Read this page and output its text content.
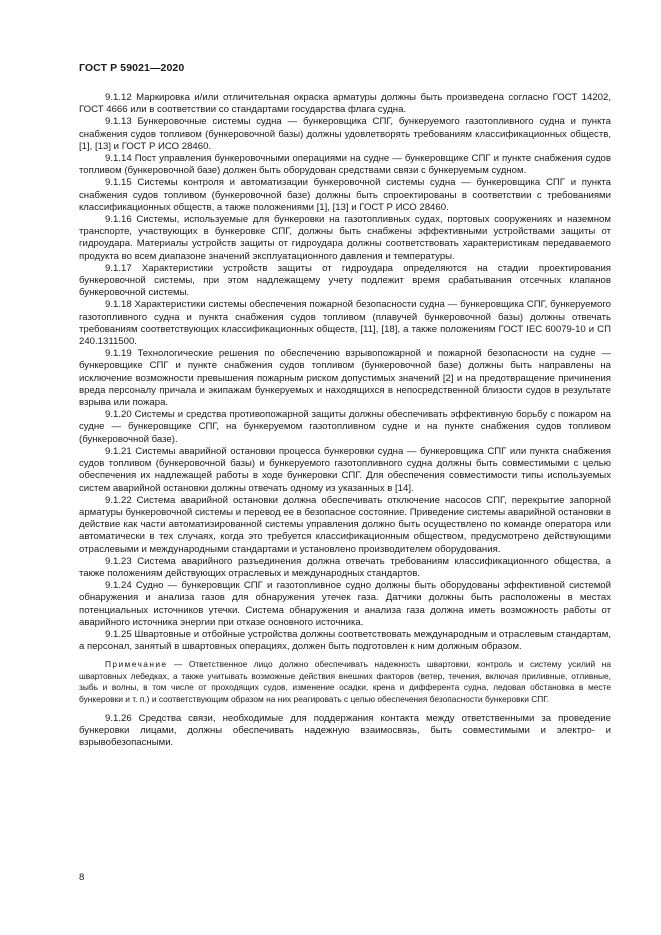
ГОСТ Р 59021—2020

9.1.12 Маркировка и/или отличительная окраска арматуры должны быть произведена согласно ГОСТ 14202, ГОСТ 4666 или в соответствии со стандартами государства флага судна.

9.1.13 Бункеровочные системы судна — бункеровщика СПГ, бункеруемого газотопливного судна и пункта снабжения судов топливом (бункеровочной базы) должны удовлетворять требованиям классификационных обществ, [1], [13] и ГОСТ Р ИСО 28460.

9.1.14 Пост управления бункеровочными операциями на судне — бункеровщике СПГ и пункте снабжения судов топливом (бункеровочной базе) должен быть оборудован средствами связи с бункеруемым судном.

9.1.15 Системы контроля и автоматизации бункеровочной системы судна — бункеровщика СПГ и пункта снабжения судов топливом (бункеровочной базе) должны быть спроектированы в соответствии с требованиями классификационных обществ, а также положениями [1], [13] и ГОСТ Р ИСО 28460.

9.1.16 Системы, используемые для бункеровки на газотопливных судах, портовых сооружениях и наземном транспорте, участвующих в бункеровке СПГ, должны быть снабжены эффективными устройствами защиты от гидроудара. Материалы устройств защиты от гидроудара должны соответствовать характеристикам передаваемого продукта во всем диапазоне значений эксплуатационного давления и температуры.

9.1.17 Характеристики устройств защиты от гидроудара определяются на стадии проектирования бункеровочной системы, при этом надлежащему учету подлежит время срабатывания отсечных клапанов бункеровочной системы.

9.1.18 Характеристики системы обеспечения пожарной безопасности судна — бункеровщика СПГ, бункеруемого газотопливного судна и пункта снабжения судов топливом (плавучей бункеровочной базы) должны отвечать требованиям соответствующих классификационных обществ, [11], [18], а также положениям ГОСТ IEC 60079-10 и СП 240.1311500.

9.1.19 Технологические решения по обеспечению взрывопожарной и пожарной безопасности на судне — бункеровщике СПГ и пункте снабжения судов топливом (бункеровочной базе) должны быть направлены на исключение возможности превышения пожарным риском допустимых значений [2] и на предотвращение причинения вреда персоналу причала и экипажам бункеруемых и находящихся в непосредственной близости судов в результате взрыва или пожара.

9.1.20 Системы и средства противопожарной защиты должны обеспечивать эффективную борьбу с пожаром на судне — бункеровщике СПГ, на бункеруемом газотопливном судне и на пункте снабжения судов топливом (бункеровочной базе).

9.1.21 Системы аварийной остановки процесса бункеровки судна — бункеровщика СПГ или пункта снабжения судов топливом (бункеровочной базы) и бункеруемого газотопливного судна должны быть совместимыми с целью обеспечения их надлежащей работы в ходе бункеровки СПГ. Для обеспечения совместимости типы используемых систем аварийной остановки должны отвечать одному из указанных в [14].

9.1.22 Система аварийной остановки должна обеспечивать отключение насосов СПГ, перекрытие запорной арматуры бункеровочной системы и перевод ее в безопасное состояние. Приведение системы аварийной остановки в действие как части автоматизированной системы управления должно быть осуществлено по команде оператора или автоматически в тех случаях, когда это требуется классификационным обществом, предусмотрено действующими отраслевыми и международными стандартами и установлено производителем оборудования.

9.1.23 Система аварийного разъединения должна отвечать требованиям классификационного общества, а также положениям действующих отраслевых и международных стандартов.

9.1.24 Судно — бункеровщик СПГ и газотопливное судно должны быть оборудованы эффективной системой обнаружения и анализа газов для обнаружения утечек газа. Датчики должны быть расположены в местах потенциальных источников утечки. Система обнаружения и анализа газа должна иметь возможность работы от аварийного источника энергии при отказе основного источника.

9.1.25 Швартовные и отбойные устройства должны соответствовать международным и отраслевым стандартам, а персонал, занятый в швартовных операциях, должен быть подготовлен к ним должным образом.

Примечание — Ответственное лицо должно обеспечивать надежность швартовки, контроль и систему усилий на швартовных лебедках, а также учитывать возможные действия внешних факторов (ветер, течения, включая приливные, отливные, зыбь и волны, в том числе от проходящих судов, изменение осадки, крена и дифферента судна, ледовая обстановка в месте бункеровки и т. п.) и соответствующим образом на них реагировать с целью обеспечения безопасности бункеровки СПГ.

9.1.26 Средства связи, необходимые для поддержания контакта между ответственными за проведение бункеровки лицами, должны обеспечивать надежную взаимосвязь, быть совместимыми и электро- и взрывобезопасными.

8
